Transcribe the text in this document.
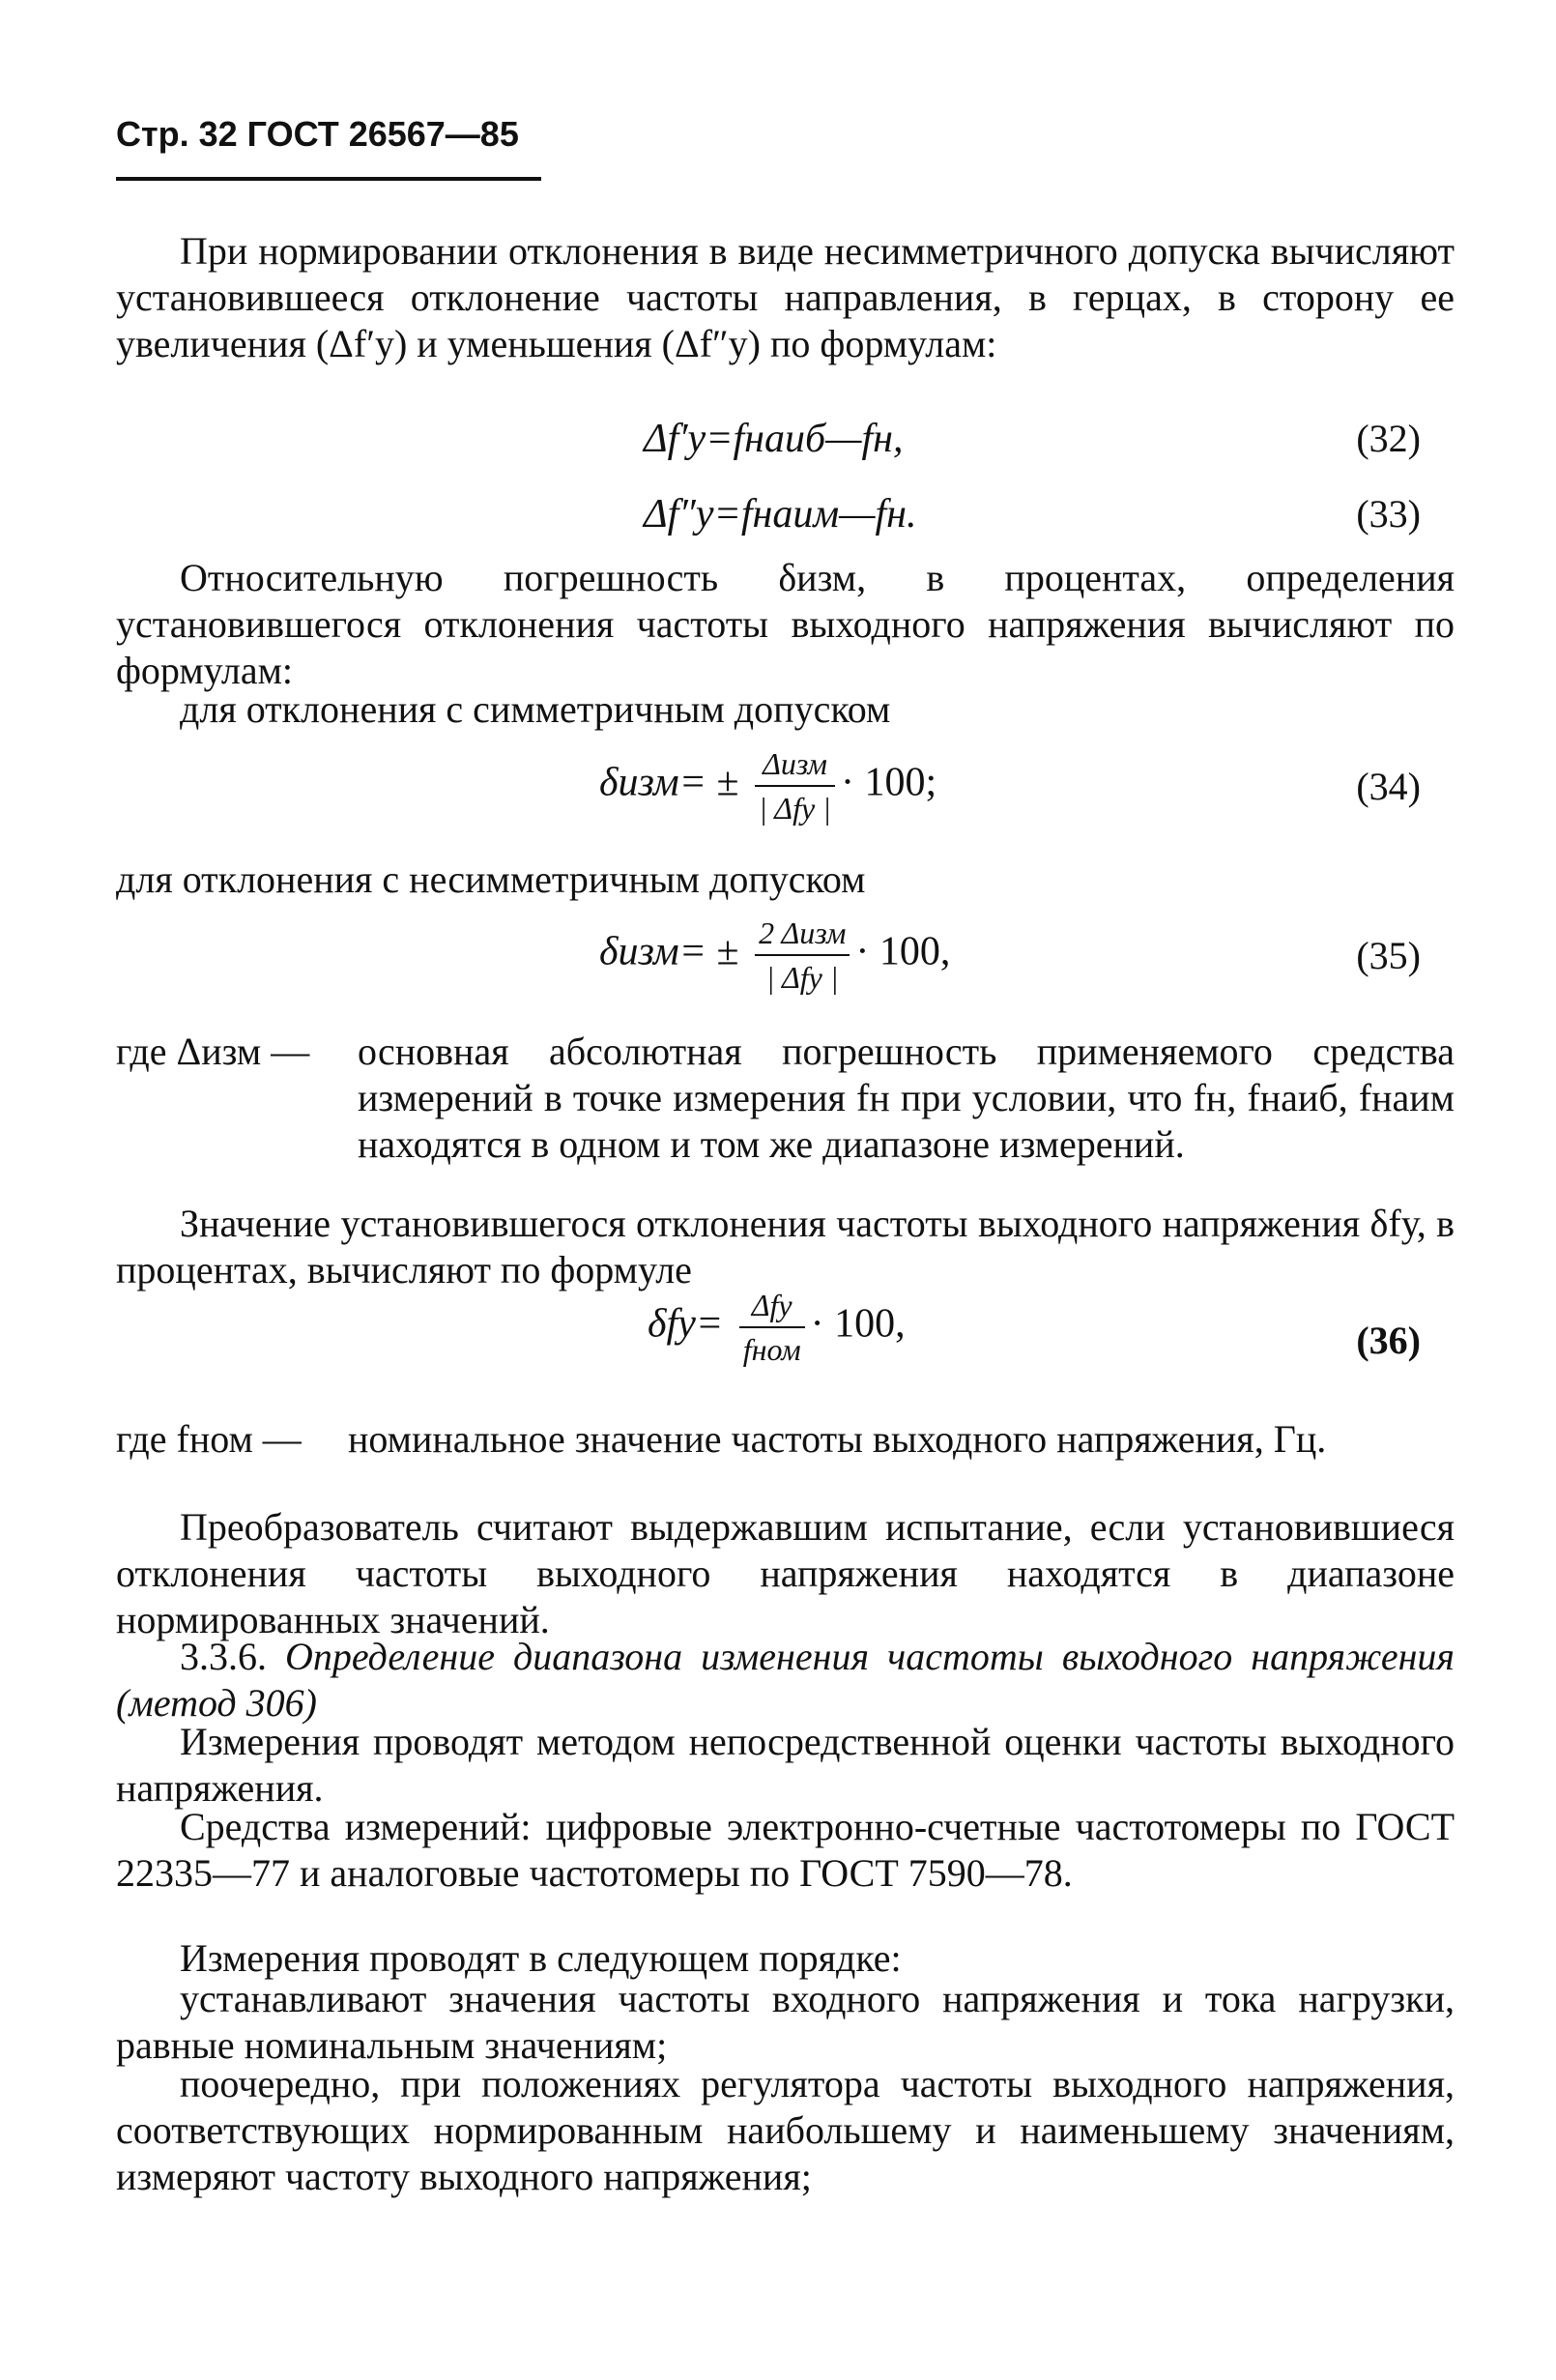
Стр. 32 ГОСТ 26567—85
При нормировании отклонения в виде несимметричного допуска вычисляют установившееся отклонение частоты направления, в герцах, в сторону ее увеличения (Δf′у) и уменьшения (Δf″у) по формулам:
Δf′у=fнаиб—fн,	(32)
Δf″у=fнаим—fн.	(33)
Относительную погрешность δизм, в процентах, определения установившегося отклонения частоты выходного напряжения вычисляют по формулам:
для отклонения с симметричным допуском
$\delta изм= \pm \frac{\text{Δизм}}{\text{| Δfу |}} \cdot 100$;	(34)
для отклонения с несимметричным допуском
$\delta изм= \pm \frac{\text{2 Δизм}}{\text{| Δfу |}} \cdot 100$,	(35)
где Δизм — основная абсолютная погрешность применяемого средства измерений в точке измерения fн при условии, что fн, fнаиб, fнаим находятся в одном и том же диапазоне измерений.
Значение установившегося отклонения частоты выходного напряжения δfу, в процентах, вычисляют по формуле
$\delta fу= \frac{\text{Δfу}}{\text{fном}} \cdot 100$,	(36)
где fном — номинальное значение частоты выходного напряжения, Гц.
Преобразователь считают выдержавшим испытание, если установившиеся отклонения частоты выходного напряжения находятся в диапазоне нормированных значений.
3.3.6. Определение диапазона изменения частоты выходного напряжения (метод 306)
Измерения проводят методом непосредственной оценки частоты выходного напряжения.
Средства измерений: цифровые электронно-счетные частотомеры по ГОСТ 22335—77 и аналоговые частотомеры по ГОСТ 7590—78.
Измерения проводят в следующем порядке:
устанавливают значения частоты входного напряжения и тока нагрузки, равные номинальным значениям;
поочередно, при положениях регулятора частоты выходного напряжения, соответствующих нормированным наибольшему и наименьшему значениям, измеряют частоту выходного напряжения;
